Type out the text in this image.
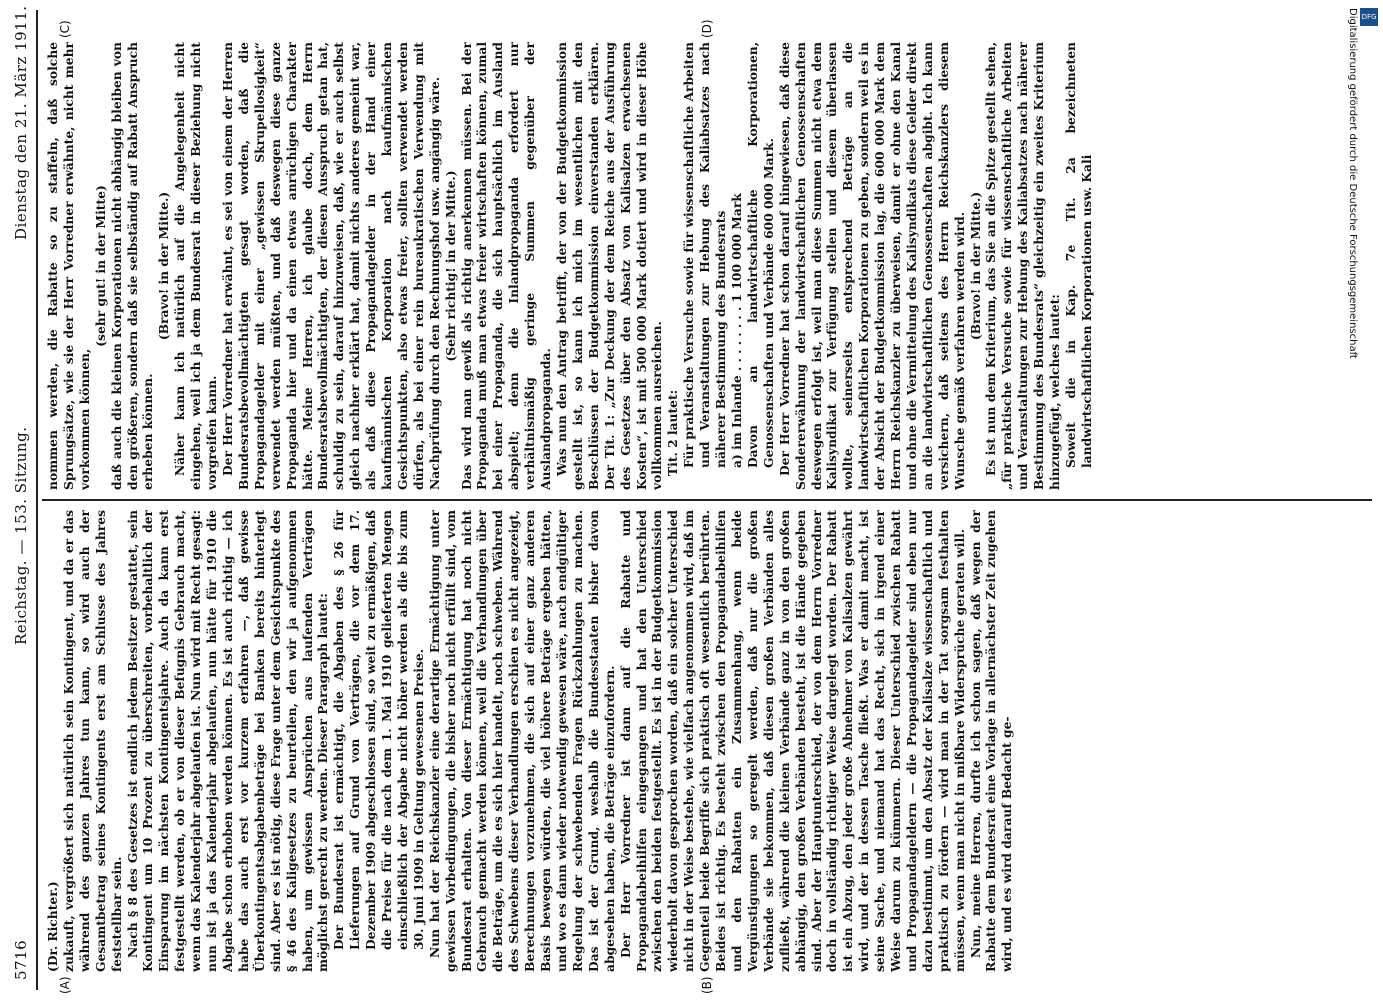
5716
Reichstag. — 153. Sitzung.
Dienstag den 21. März 1911.
(A)	(B)
(C)	(D)

(Dr. Richter.) zukauft, vergrößert sich natürlich sein Kontingent, und da er das während des ganzen Jahres tun kann, so wird auch der Gesamtbetrag seines Kontingents erst am Schlusse des Jahres feststellbar sein. Nach § 8 des Gesetzes ist endlich jedem Besitzer gestattet, sein Kontingent um 10 Prozent zu überschreiten, vorbehaltlich der Einsparung im nächsten Kontingentsjahre. Auch da kann erst festgestellt werden, ob er von dieser Befugnis Gebrauch macht, wenn das Kalenderjahr abgelaufen ist. Nun wird mit Recht gesagt: nun ist ja das Kalenderjahr abgelaufen, nun hätte für 1910 die Abgabe schon erhoben werden können. Es ist auch richtig — ich habe das auch erst vor kurzem erfahren —, daß gewisse Überkontingentsabgabenbeträge bei Banken bereits hinterlegt sind. Aber es ist nötig, diese Frage unter dem Gesichtspunkte des § 46 des Kaligesetzes zu beurteilen, den wir ja aufgenommen haben, um gewissen Ansprüchen aus laufenden Verträgen möglichst gerecht zu werden. Dieser Paragraph lautet: Der Bundesrat ist ermächtigt, die Abgaben des § 26 für Lieferungen auf Grund von Verträgen, die vor dem 17. Dezember 1909 abgeschlossen sind, so weit zu ermäßigen, daß die Preise für die nach dem 1. Mai 1910 gelieferten Mengen einschließlich der Abgabe nicht höher werden als die bis zum 30. Juni 1909 in Geltung gewesenen Preise. Nun hat der Reichskanzler eine derartige Ermächtigung unter gewissen Vorbedingungen, die bisher noch nicht erfüllt sind, vom Bundesrat erhalten. Von dieser Ermächtigung hat noch nicht Gebrauch gemacht werden können, weil die Verhandlungen über die Beträge, um die es sich hier handelt, noch schweben. Während des Schwebens dieser Verhandlungen erschien es nicht angezeigt, Berechnungen vorzunehmen, die sich auf einer ganz anderen Basis bewegen würden, die viel höhere Beträge ergeben hätten, und wo es dann wieder notwendig gewesen wäre, nach endgültiger Regelung der schwebenden Fragen Rückzahlungen zu machen. Das ist der Grund, weshalb die Bundesstaaten bisher davon abgesehen haben, die Beträge einzufordern. Der Herr Vorredner ist dann auf die Rabatte und Propagandabeihilfen eingegangen und hat den Unterschied zwischen den beiden festgestellt. Es ist in der Budgetkommission wiederholt davon gesprochen worden, daß ein solcher Unterschied nicht in der Weise bestehe, wie vielfach angenommen wird, daß im Gegenteil beide Begriffe sich praktisch oft wesentlich berührten. Beides ist richtig. Es besteht zwischen den Propagandabeihilfen und den Rabatten ein Zusammenhang, wenn beide Vergünstigungen so geregelt werden, daß nur die großen Verbände sie bekommen, daß diesen großen Verbänden alles zufließt, während die kleinen Verbände ganz in von den großen abhängig, den großen Verbänden besteht, ist die Hände gegeben sind. Aber der Hauptunterschied, der von dem Herrn Vorredner doch in vollständig richtiger Weise dargelegt worden. Der Rabatt ist ein Abzug, den jeder große Abnehmer von Kalisalzen gewährt wird, und der in dessen Tasche fließt. Was er damit macht, ist seine Sache, und niemand hat das Recht, sich in irgend einer Weise darum zu kümmern. Dieser Unterschied zwischen Rabatt und Propagandageldern — die Propagandagelder sind eben nur dazu bestimmt, um den Absatz der Kalisalze wissenschaftlich und praktisch zu fördern — wird man in der Tat sorgsam festhalten müssen, wenn man nicht in mißbare Widersprüche geraten will. Nun, meine Herren, durfte ich schon sagen, daß wegen der Rabatte dem Bundesrat eine Vorlage in allernächster Zeit zugehen wird, und es wird darauf Bedacht ge-

nommen werden, die Rabatte so zu staffeln, daß solche Sprungsätze, wie sie der Herr Vorredner erwähnte, nicht mehr vorkommen können,

(sehr gut! in der Mitte) daß auch die kleinen Korporationen nicht abhängig bleiben von den größeren, sondern daß sie selbständig auf Rabatt Anspruch erheben können.

(Bravo! in der Mitte.) Näher kann ich natürlich auf die Angelegenheit nicht eingehen, weil ich ja dem Bundesrat in dieser Beziehung nicht vorgreifen kann. Der Herr Vorredner hat erwähnt, es sei von einem der Herren Bundesratsbevollmächtigten gesagt worden, daß die Propagandagelder mit einer „gewissen Skrupellosigkeit“ verwendet werden müßten, und daß deswegen diese ganze Propaganda hier und da einen etwas anrüchigen Charakter hätte. Meine Herren, ich glaube doch, dem Herrn Bundesratsbevollmächtigten, der diesen Ausspruch getan hat, schuldig zu sein, darauf hinzuweisen, daß, wie er auch selbst gleich nachher erklärt hat, damit nichts anderes gemeint war, als daß diese Propagandagelder in der Hand einer kaufmännischen Korporation nach kaufmännischen Gesichtspunkten, also etwas freier, sollten verwendet werden dürfen, als bei einer rein bureaukratischen Verwendung mit Nachprüfung durch den Rechnungshof usw. angängig wäre. (Sehr richtig! in der Mitte.) Das wird man gewiß als richtig anerkennen müssen. Bei der Propaganda muß man etwas freier wirtschaften können, zumal bei einer Propaganda, die sich hauptsächlich im Ausland abspielt; denn die Inlandpropaganda erfordert nur verhältnismäßig geringe Summen gegenüber der Auslandpropaganda. Was nun den Antrag betrifft, der von der Budgetkommission gestellt ist, so kann ich mich im wesentlichen mit den Beschlüssen der Budgetkommission einverstanden erklären. Der Tit. 1: „Zur Deckung der dem Reiche aus der Ausführung des Gesetzes über den Absatz von Kalisalzen erwachsenen Kosten“, ist mit 500 000 Mark dotiert und wird in dieser Höhe vollkommen ausreichen. Tit. 2 lautet: Für praktische Versuche sowie für wissenschaftliche Arbeiten und Veranstaltungen zur Hebung des Kaliabsatzes nach näherer Bestimmung des Bundesrats a) im Inlande . . . . . . . . 1 100 000 Mark Davon an landwirtschaftliche Korporationen, Genossenschaften und Verbände 600 000 Mark. Der Herr Vorredner hat schon darauf hingewiesen, daß diese Sondererwähnung der landwirtschaftlichen Genossenschaften deswegen erfolgt ist, weil man diese Summen nicht etwa dem Kalisyndikat zur Verfügung stellen und diesem überlassen wollte, seinerseits entsprechend Beträge an die landwirtschaftlichen Korporationen zu geben, sondern weil es in der Absicht der Budgetkommission lag, die 600 000 Mark dem Herrn Reichskanzler zu überweisen, damit er ohne den Kanal und ohne die Vermittelung des Kalisyndikats diese Gelder direkt an die landwirtschaftlichen Genossenschaften abgibt. Ich kann versichern, daß seitens des Herrn Reichskanzlers diesem Wunsche gemäß verfahren werden wird. (Bravo! in der Mitte.) Es ist nun dem Kriterium, das Sie an die Spitze gestellt sehen, „für praktische Versuche sowie für wissenschaftliche Arbeiten und Veranstaltungen zur Hebung des Kaliabsatzes nach näherer Bestimmung des Bundesrats“ gleichzeitig ein zweites Kriterium hinzugefügt, welches lautet: Soweit die in Kap. 7e Tit. 2a bezeichneten landwirtschaftlichen Korporationen usw. Kali	Digitalisierung gefördert durch die Deutsche Forschungsgemeinschaft DFG
